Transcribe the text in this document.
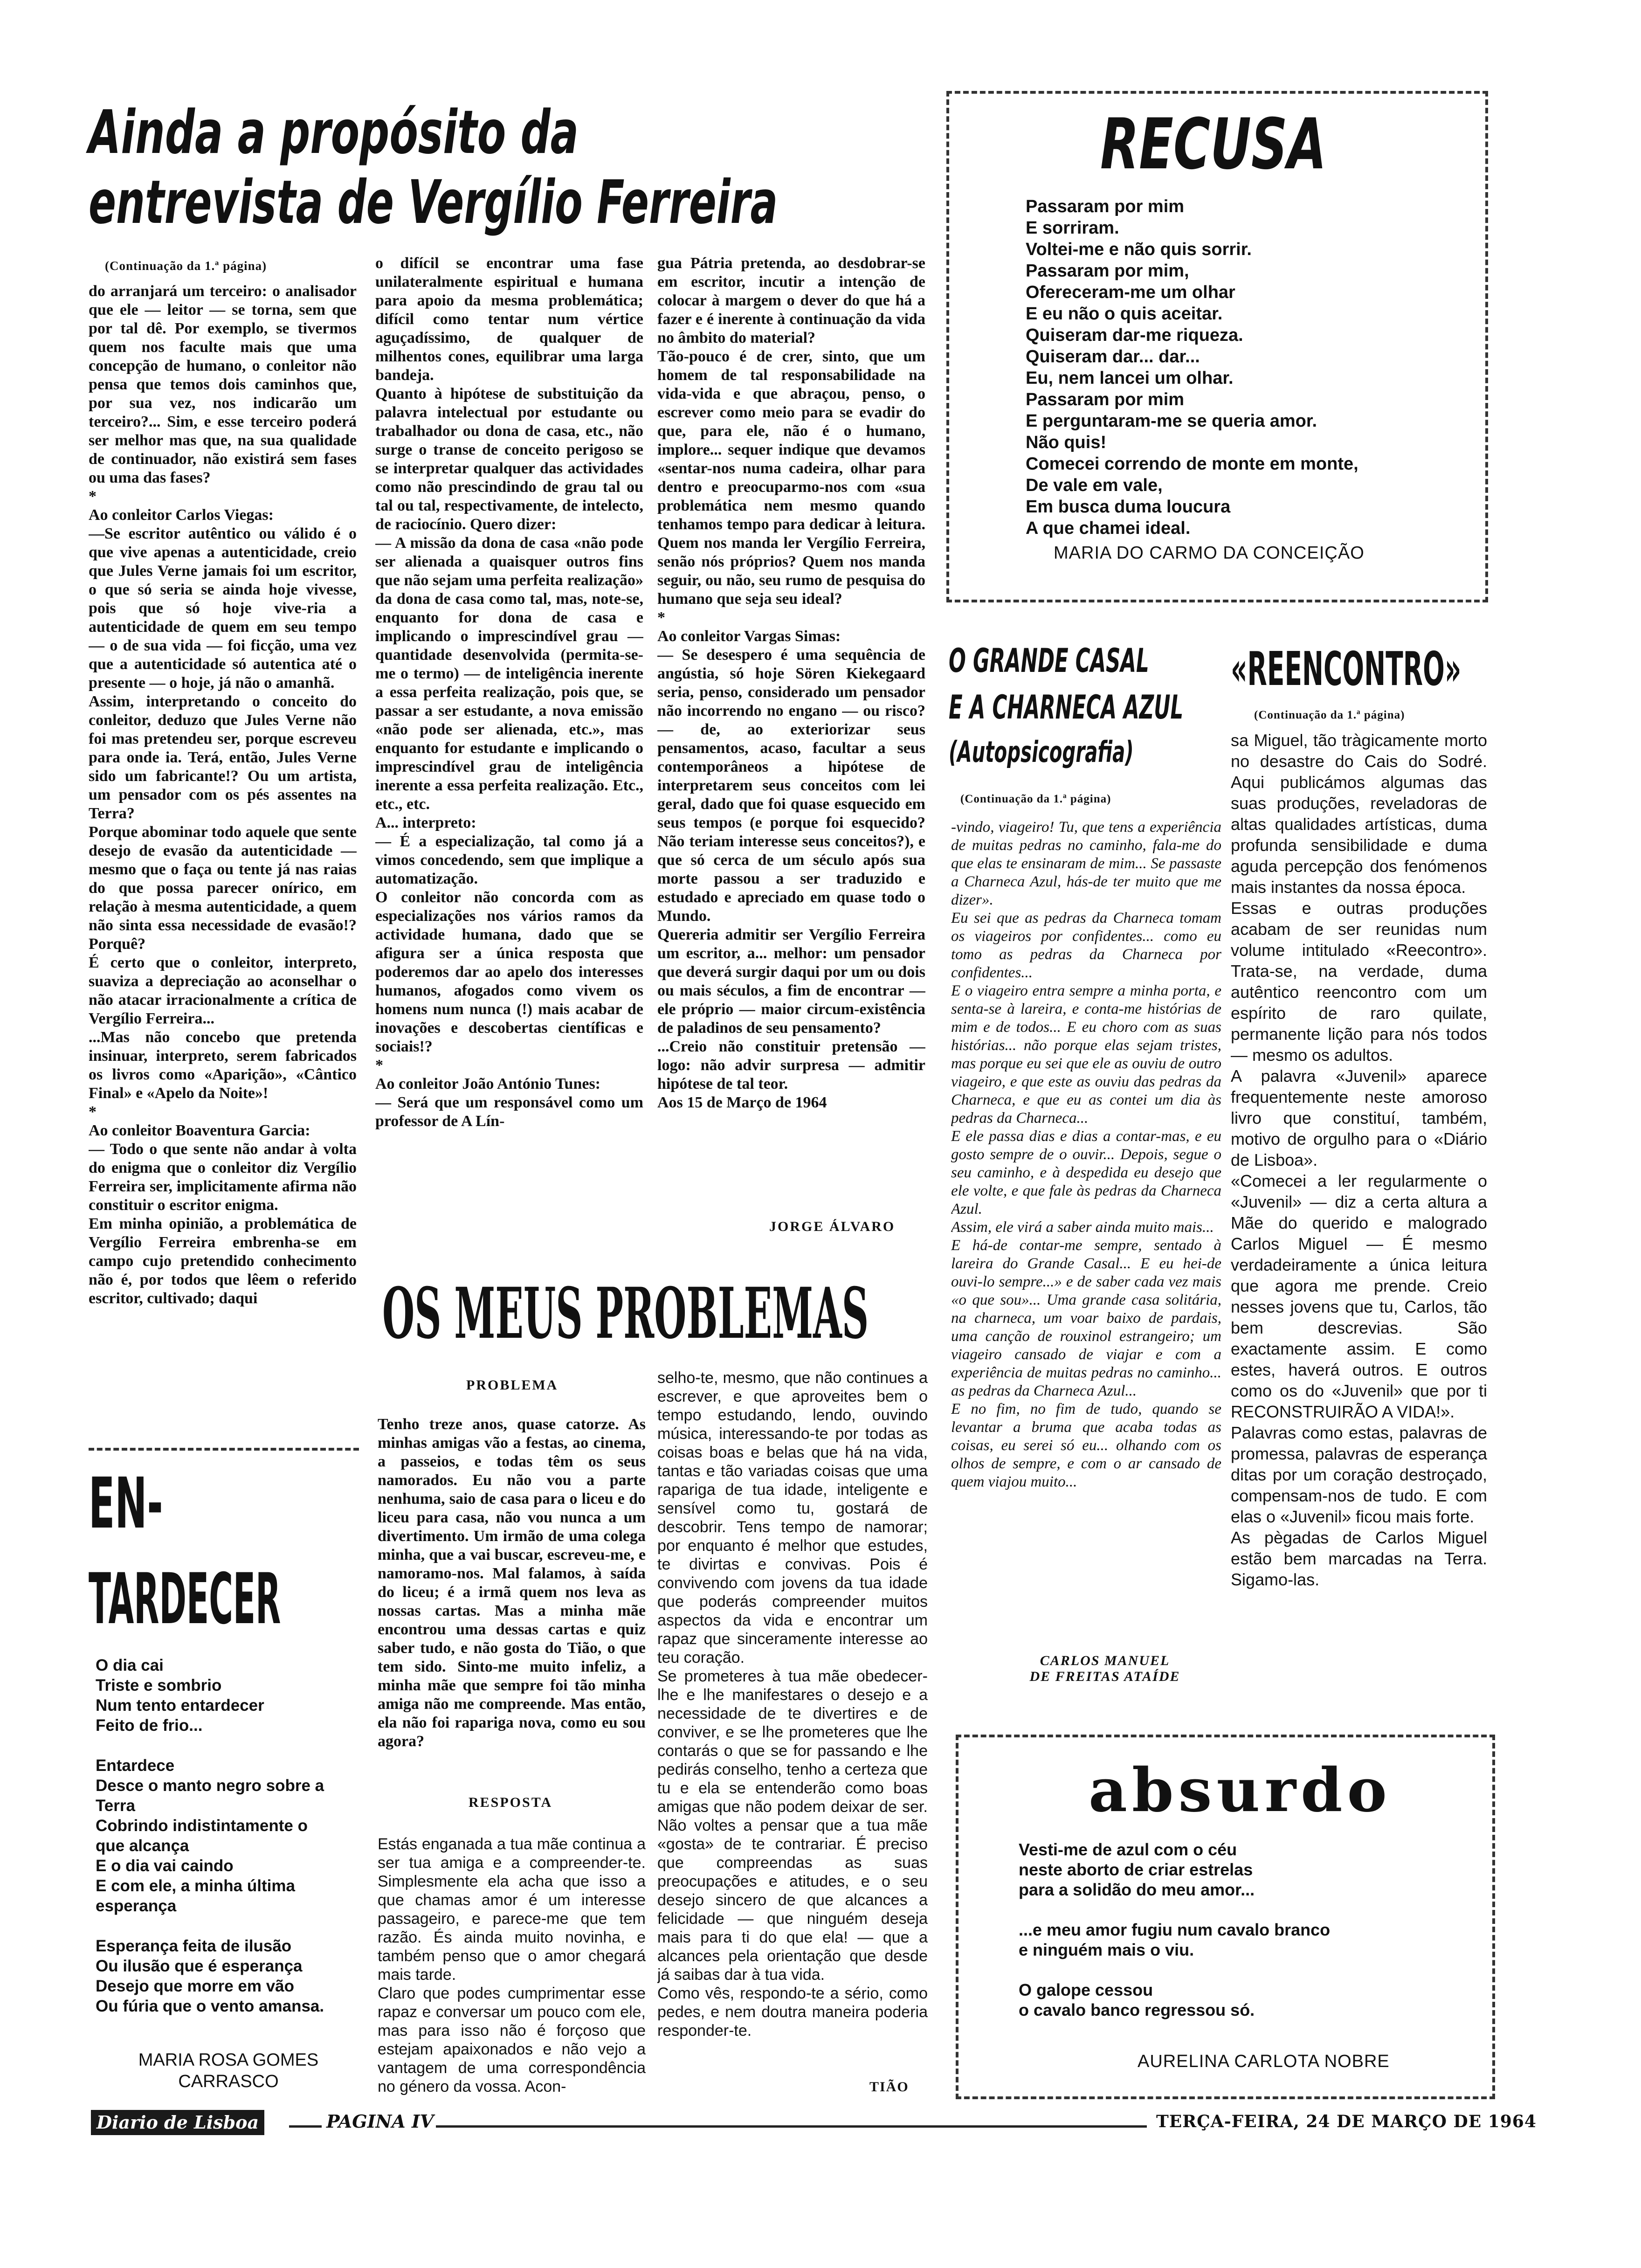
Ainda a propósito da
entrevista de Vergílio Ferreira
(Continuação da 1.ª página)
do arranjará um terceiro: o analisador que ele — leitor — se torna, sem que por tal dê. Por exemplo, se tivermos quem nos faculte mais que uma concepção de humano, o conleitor não pensa que temos dois caminhos que, por sua vez, nos indicarão um terceiro?... Sim, e esse terceiro poderá ser melhor mas que, na sua qualidade de continuador, não existirá sem fases ou uma das fases?
*
Ao conleitor Carlos Viegas:
—Se escritor autêntico ou válido é o que vive apenas a autenticidade, creio que Jules Verne jamais foi um escritor, o que só seria se ainda hoje vivesse, pois que só hoje vive-ria a autenticidade de quem em seu tempo — o de sua vida — foi ficção, uma vez que a autenticidade só autentica até o presente — o hoje, já não o amanhã.
Assim, interpretando o conceito do conleitor, deduzo que Jules Verne não foi mas pretendeu ser, porque escreveu para onde ia. Terá, então, Jules Verne sido um fabricante!? Ou um artista, um pensador com os pés assentes na Terra?
Porque abominar todo aquele que sente desejo de evasão da autenticidade — mesmo que o faça ou tente já nas raias do que possa parecer onírico, em relação à mesma autenticidade, a quem não sinta essa necessidade de evasão!? Porquê?
É certo que o conleitor, interpreto, suaviza a depreciação ao aconselhar o não atacar irracionalmente a crítica de Vergílio Ferreira...
...Mas não concebo que pretenda insinuar, interpreto, serem fabricados os livros como «Aparição», «Cântico Final» e «Apelo da Noite»!
*
Ao conleitor Boaventura Garcia:
— Todo o que sente não andar à volta do enigma que o conleitor diz Vergílio Ferreira ser, implicitamente afirma não constituir o escritor enigma.
Em minha opinião, a problemática de Vergílio Ferreira embrenha-se em campo cujo pretendido conhecimento não é, por todos que lêem o referido escritor, cultivado; daqui
o difícil se encontrar uma fase unilateralmente espiritual e humana para apoio da mesma problemática; difícil como tentar num vértice aguçadíssimo, de qualquer de milhentos cones, equilibrar uma larga bandeja.
Quanto à hipótese de substituição da palavra intelectual por estudante ou trabalhador ou dona de casa, etc., não surge o transe de conceito perigoso se se interpretar qualquer das actividades como não prescindindo de grau tal ou tal ou tal, respectivamente, de intelecto, de raciocínio. Quero dizer:
— A missão da dona de casa «não pode ser alienada a quaisquer outros fins que não sejam uma perfeita realização» da dona de casa como tal, mas, note-se, enquanto for dona de casa e implicando o imprescindível grau — quantidade desenvolvida (permita-se-me o termo) — de inteligência inerente a essa perfeita realização, pois que, se passar a ser estudante, a nova emissão «não pode ser alienada, etc.», mas enquanto for estudante e implicando o imprescindível grau de inteligência inerente a essa perfeita realização. Etc., etc., etc.
A... interpreto:
— É a especialização, tal como já a vimos concedendo, sem que implique a automatização.
O conleitor não concorda com as especializações nos vários ramos da actividade humana, dado que se afigura ser a única resposta que poderemos dar ao apelo dos interesses humanos, afogados como vivem os homens num nunca (!) mais acabar de inovações e descobertas científicas e sociais!?
*
Ao conleitor João António Tunes:
— Será que um responsável como um professor de A Lín-
gua Pátria pretenda, ao desdobrar-se em escritor, incutir a intenção de colocar à margem o dever do que há a fazer e é inerente à continuação da vida no âmbito do material?
Tão-pouco é de crer, sinto, que um homem de tal responsabilidade na vida-vida e que abraçou, penso, o escrever como meio para se evadir do que, para ele, não é o humano, implore... sequer indique que devamos «sentar-nos numa cadeira, olhar para dentro e preocuparmo-nos com «sua problemática nem mesmo quando tenhamos tempo para dedicar à leitura. Quem nos manda ler Vergílio Ferreira, senão nós próprios? Quem nos manda seguir, ou não, seu rumo de pesquisa do humano que seja seu ideal?
*
Ao conleitor Vargas Simas:
— Se desespero é uma sequência de angústia, só hoje Sören Kiekegaard seria, penso, considerado um pensador não incorrendo no engano — ou risco? — de, ao exteriorizar seus pensamentos, acaso, facultar a seus contemporâneos a hipótese de interpretarem seus conceitos com lei geral, dado que foi quase esquecido em seus tempos (e porque foi esquecido? Não teriam interesse seus conceitos?), e que só cerca de um século após sua morte passou a ser traduzido e estudado e apreciado em quase todo o Mundo.
Quereria admitir ser Vergílio Ferreira um escritor, a... melhor: um pensador que deverá surgir daqui por um ou dois ou mais séculos, a fim de encontrar — ele próprio — maior circum-existência de paladinos de seu pensamento?
...Creio não constituir pretensão — logo: não advir surpresa — admitir hipótese de tal teor.
Aos 15 de Março de 1964
JORGE ÁLVARO
RECUSA
Passaram por mim
E sorriram.
Voltei-me e não quis sorrir.
Passaram por mim,
Ofereceram-me um olhar
E eu não o quis aceitar.
Quiseram dar-me riqueza.
Quiseram dar... dar...
Eu, nem lancei um olhar.
Passaram por mim
E perguntaram-me se queria amor.
Não quis!
Comecei correndo de monte em monte,
De vale em vale,
Em busca duma loucura
A que chamei ideal.
MARIA DO CARMO DA CONCEIÇÃO
O GRANDE CASAL
E A CHARNECA AZUL
(Autopsicografia)
(Continuação da 1.ª página)
-vindo, viageiro! Tu, que tens a experiência de muitas pedras no caminho, fala-me do que elas te ensinaram de mim... Se passaste a Charneca Azul, hás-de ter muito que me dizer».
Eu sei que as pedras da Charneca tomam os viageiros por confidentes... como eu tomo as pedras da Charneca por confidentes...
E o viageiro entra sempre a minha porta, e senta-se à lareira, e conta-me histórias de mim e de todos... E eu choro com as suas histórias... não porque elas sejam tristes, mas porque eu sei que ele as ouviu de outro viageiro, e que este as ouviu das pedras da Charneca, e que eu as contei um dia às pedras da Charneca...
E ele passa dias e dias a contar-mas, e eu gosto sempre de o ouvir... Depois, segue o seu caminho, e à despedida eu desejo que ele volte, e que fale às pedras da Charneca Azul.
Assim, ele virá a saber ainda muito mais...
E há-de contar-me sempre, sentado à lareira do Grande Casal... E eu hei-de ouvi-lo sempre...» e de saber cada vez mais «o que sou»... Uma grande casa solitária, na charneca, um voar baixo de pardais, uma canção de rouxinol estrangeiro; um viageiro cansado de viajar e com a experiência de muitas pedras no caminho... as pedras da Charneca Azul...
E no fim, no fim de tudo, quando se levantar a bruma que acaba todas as coisas, eu serei só eu... olhando com os olhos de sempre, e com o ar cansado de quem viajou muito...
CARLOS MANUEL
DE FREITAS ATAÍDE
«REENCONTRO»
(Continuação da 1.ª página)
sa Miguel, tão tràgicamente morto no desastre do Cais do Sodré. Aqui publicámos algumas das suas produções, reveladoras de altas qualidades artísticas, duma profunda sensibilidade e duma aguda percepção dos fenómenos mais instantes da nossa época.
Essas e outras produções acabam de ser reunidas num volume intitulado «Reecontro». Trata-se, na verdade, duma autêntico reencontro com um espírito de raro quilate, permanente lição para nós todos — mesmo os adultos.
A palavra «Juvenil» aparece frequentemente neste amoroso livro que constituí, também, motivo de orgulho para o «Diário de Lisboa».
«Comecei a ler regularmente o «Juvenil» — diz a certa altura a Mãe do querido e malogrado Carlos Miguel — É mesmo verdadeiramente a única leitura que agora me prende. Creio nesses jovens que tu, Carlos, tão bem descrevias. São exactamente assim. E como estes, haverá outros. E outros como os do «Juvenil» que por ti RECONSTRUIRÃO A VIDA!».
Palavras como estas, palavras de promessa, palavras de esperança ditas por um coração destroçado, compensam-nos de tudo. E com elas o «Juvenil» ficou mais forte.
As pègadas de Carlos Miguel estão bem marcadas na Terra. Sigamo-las.
EN-
TARDECER
O dia cai
Triste e sombrio
Num tento entardecer
Feito de frio...

Entardece
Desce o manto negro sobre a
Terra
Cobrindo indistintamente o
que alcança
E o dia vai caindo
E com ele, a minha última
esperança

Esperança feita de ilusão
Ou ilusão que é esperança
Desejo que morre em vão
Ou fúria que o vento amansa.
MARIA ROSA GOMES
CARRASCO
OS MEUS PROBLEMAS
PROBLEMA
Tenho treze anos, quase catorze. As minhas amigas vão a festas, ao cinema, a passeios, e todas têm os seus namorados. Eu não vou a parte nenhuma, saio de casa para o liceu e do liceu para casa, não vou nunca a um divertimento. Um irmão de uma colega minha, que a vai buscar, escreveu-me, e namoramo-nos. Mal falamos, à saída do liceu; é a irmã quem nos leva as nossas cartas. Mas a minha mãe encontrou uma dessas cartas e quiz saber tudo, e não gosta do Tião, o que tem sido. Sinto-me muito infeliz, a minha mãe que sempre foi tão minha amiga não me compreende. Mas então, ela não foi rapariga nova, como eu sou agora?
RESPOSTA
Estás enganada a tua mãe continua a ser tua amiga e a compreender-te. Simplesmente ela acha que isso a que chamas amor é um interesse passageiro, e parece-me que tem razão. És ainda muito novinha, e também penso que o amor chegará mais tarde.
Claro que podes cumprimentar esse rapaz e conversar um pouco com ele, mas para isso não é forçoso que estejam apaixonados e não vejo a vantagem de uma correspondência no género da vossa. Acon-
selho-te, mesmo, que não continues a escrever, e que aproveites bem o tempo estudando, lendo, ouvindo música, interessando-te por todas as coisas boas e belas que há na vida, tantas e tão variadas coisas que uma rapariga de tua idade, inteligente e sensível como tu, gostará de descobrir. Tens tempo de namorar; por enquanto é melhor que estudes, te divirtas e convivas. Pois é convivendo com jovens da tua idade que poderás compreender muitos aspectos da vida e encontrar um rapaz que sinceramente interesse ao teu coração.
Se prometeres à tua mãe obedecer-lhe e lhe manifestares o desejo e a necessidade de te divertires e de conviver, e se lhe prometeres que lhe contarás o que se for passando e lhe pedirás conselho, tenho a certeza que tu e ela se entenderão como boas amigas que não podem deixar de ser. Não voltes a pensar que a tua mãe «gosta» de te contrariar. É preciso que compreendas as suas preocupações e atitudes, e o seu desejo sincero de que alcances a felicidade — que ninguém deseja mais para ti do que ela! — que a alcances pela orientação que desde já saibas dar à tua vida.
Como vês, respondo-te a sério, como pedes, e nem doutra maneira poderia responder-te.
TIÃO
absurdo
Vesti-me de azul com o céu
neste aborto de criar estrelas
para a solidão do meu amor...

...e meu amor fugiu num cavalo branco
e ninguém mais o viu.

O galope cessou
o cavalo banco regressou só.
AURELINA CARLOTA NOBRE
Diario de Lisboa	PAGINA IV	TERÇA-FEIRA, 24 DE MARÇO DE 1964
